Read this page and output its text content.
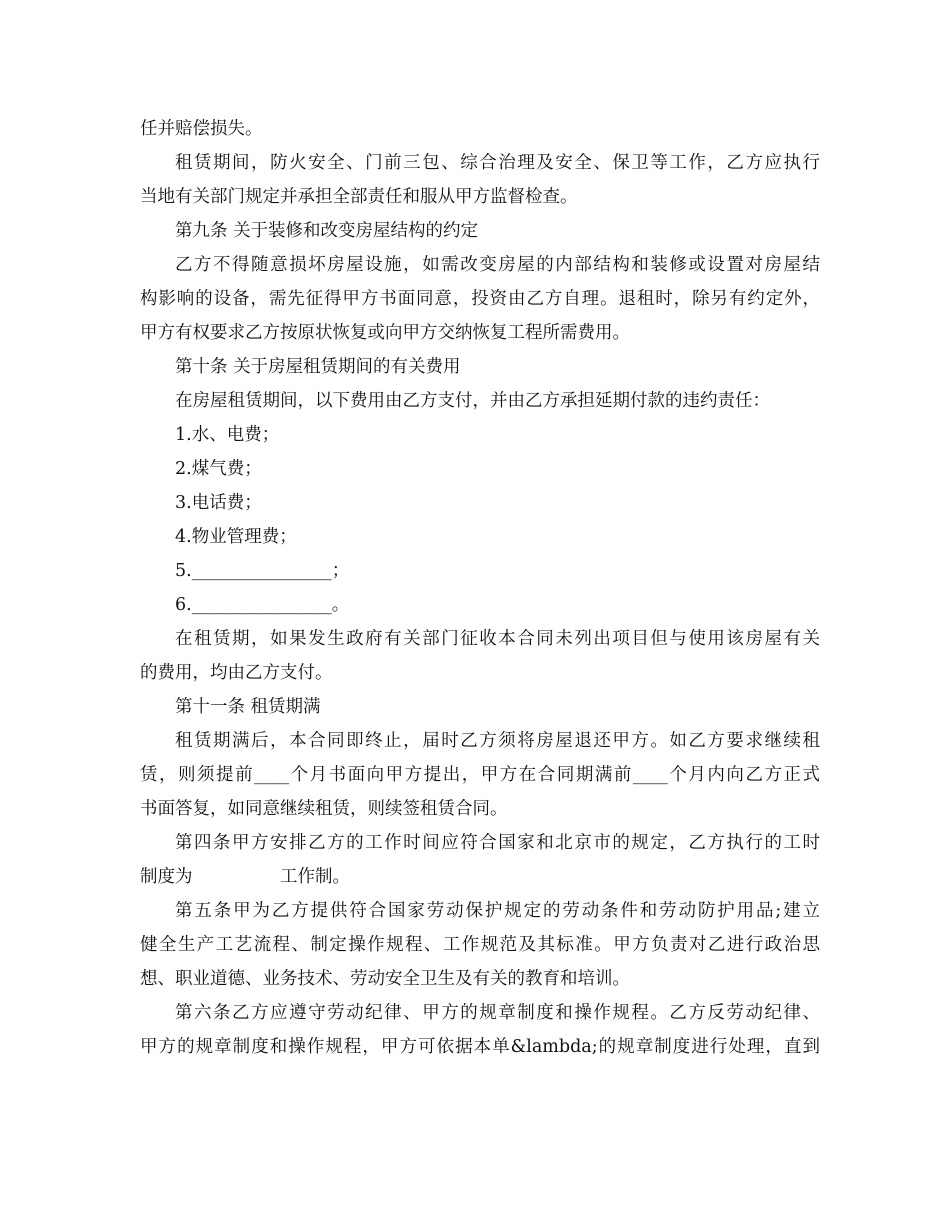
任并赔偿损失。
租赁期间，防火安全、门前三包、综合治理及安全、保卫等工作，乙方应执行
当地有关部门规定并承担全部责任和服从甲方监督检查。
第九条 关于装修和改变房屋结构的约定
乙方不得随意损坏房屋设施，如需改变房屋的内部结构和装修或设置对房屋结
构影响的设备，需先征得甲方书面同意，投资由乙方自理。退租时，除另有约定外，
甲方有权要求乙方按原状恢复或向甲方交纳恢复工程所需费用。
第十条 关于房屋租赁期间的有关费用
在房屋租赁期间，以下费用由乙方支付，并由乙方承担延期付款的违约责任：
1.水、电费；
2.煤气费；
3.电话费；
4.物业管理费；
5.________________；
6.________________。
在租赁期，如果发生政府有关部门征收本合同未列出项目但与使用该房屋有关
的费用，均由乙方支付。
第十一条 租赁期满
租赁期满后，本合同即终止，届时乙方须将房屋退还甲方。如乙方要求继续租
赁，则须提前____个月书面向甲方提出，甲方在合同期满前____个月内向乙方正式
书面答复，如同意继续租赁，则续签租赁合同。
第四条甲方安排乙方的工作时间应符合国家和北京市的规定，乙方执行的工时
制度为　　　　　工作制。
第五条甲为乙方提供符合国家劳动保护规定的劳动条件和劳动防护用品;建立
健全生产工艺流程、制定操作规程、工作规范及其标准。甲方负责对乙进行政治思
想、职业道德、业务技术、劳动安全卫生及有关的教育和培训。
第六条乙方应遵守劳动纪律、甲方的规章制度和操作规程。乙方反劳动纪律、
甲方的规章制度和操作规程，甲方可依据本单&lambda;的规章制度进行处理，直到
